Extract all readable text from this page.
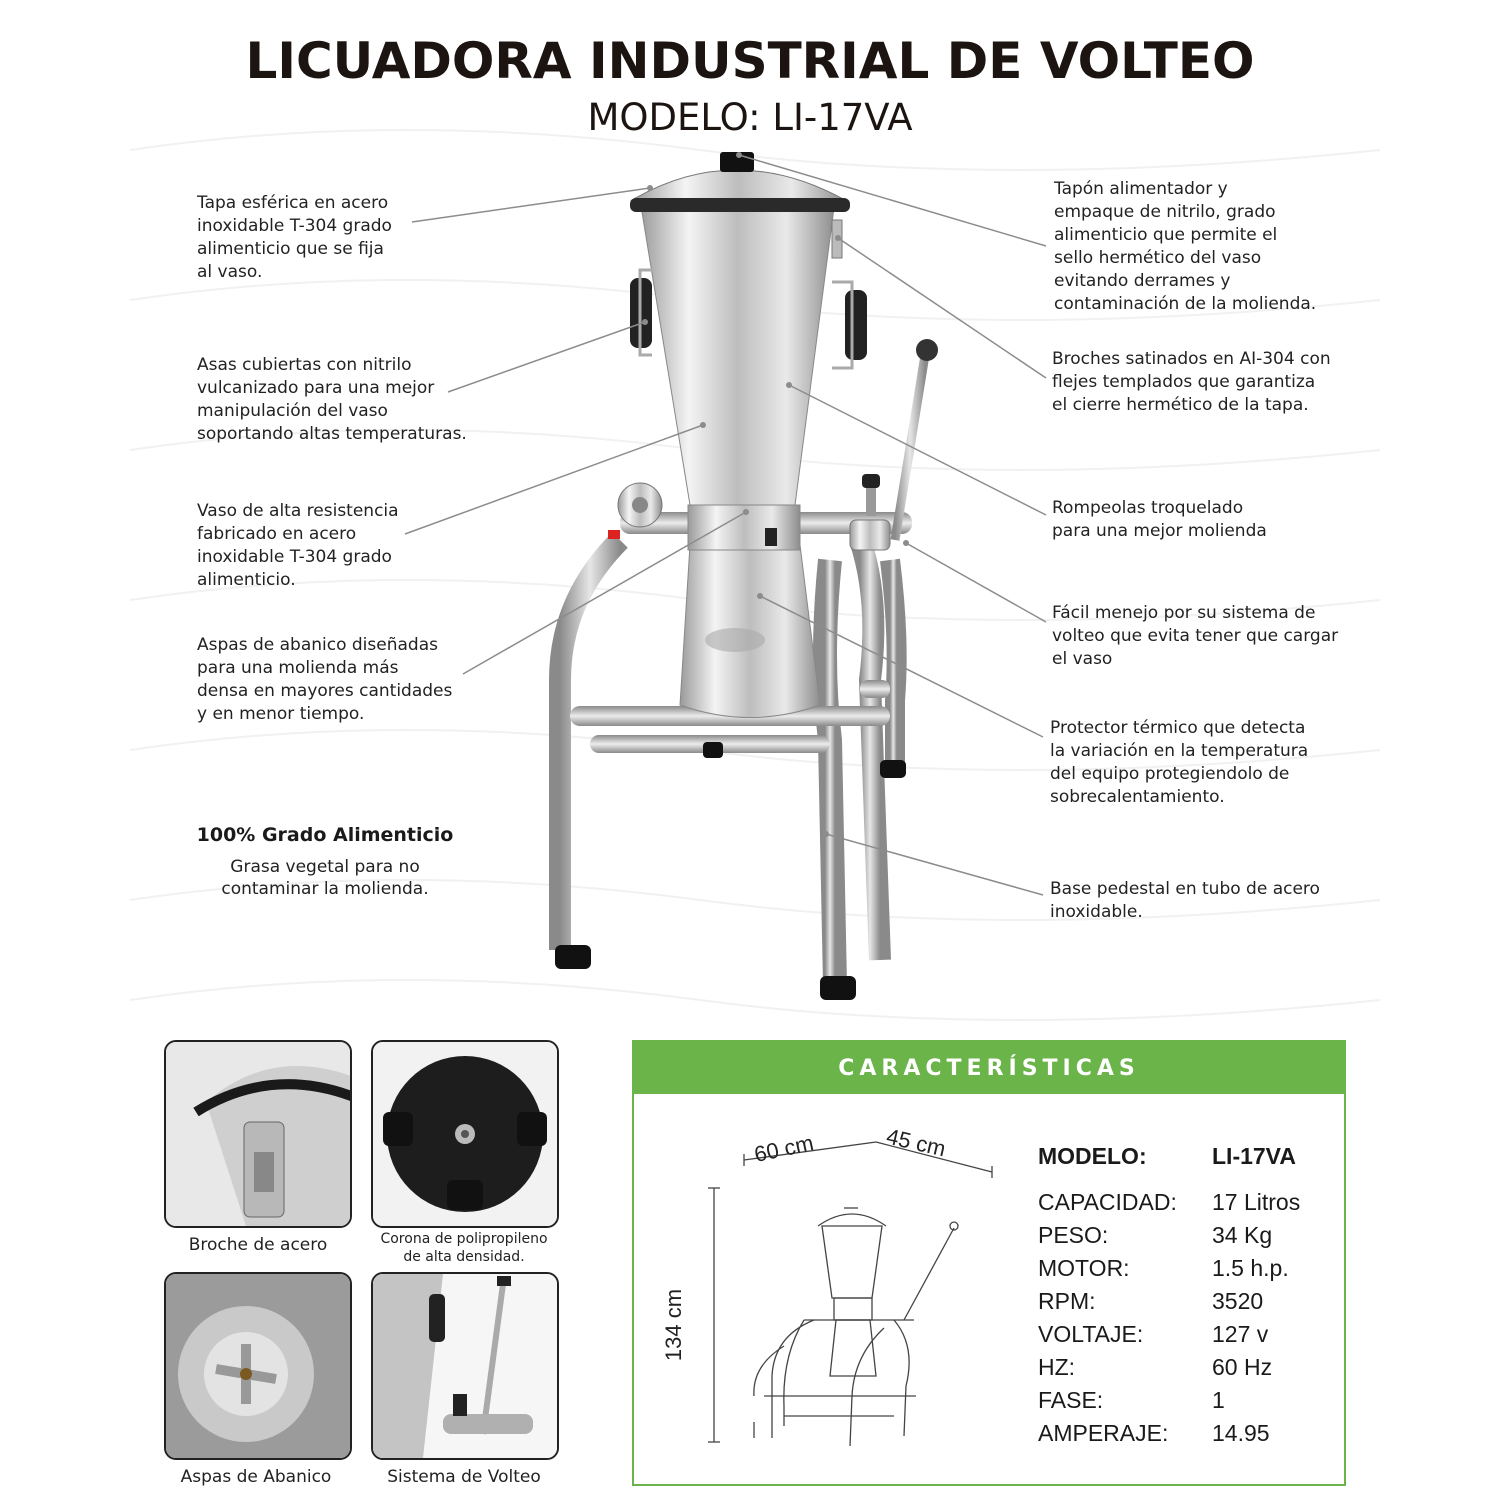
LICUADORA INDUSTRIAL DE VOLTEO
MODELO: LI-17VA
Tapa esférica en acero
inoxidable T-304 grado
alimenticio que se fija
al vaso.
Asas cubiertas con nitrilo
vulcanizado para una mejor
manipulación del vaso
soportando altas temperaturas.
Vaso de alta resistencia
fabricado en acero
inoxidable T-304 grado
alimenticio.
Aspas de abanico diseñadas
para una molienda más
densa en mayores cantidades
y en menor tiempo.
Tapón alimentador y
empaque de nitrilo, grado
alimenticio que permite el
sello hermético del vaso
evitando derrames y
contaminación de la molienda.
Broches satinados en AI-304 con
flejes templados que garantiza
el cierre hermético de la tapa.
Rompeolas troquelado
para una mejor molienda
Fácil menejo por su sistema de
volteo que evita tener que cargar
el vaso
Protector térmico que detecta
la variación en la temperatura
del equipo protegiendolo de
sobrecalentamiento.
Base pedestal en tubo de acero
inoxidable.
100% Grado Alimenticio
Grasa vegetal para no
contaminar la molienda.
Broche de acero	Corona de polipropileno
de alta densidad.
Aspas de Abanico	Sistema de Volteo
CARACTERÍSTICAS
60 cm	45 cm
134 cm
MODELO:	LI-17VA

CAPACIDAD:	17 Litros
PESO:	34 Kg
MOTOR:	1.5 h.p.
RPM:	3520
VOLTAJE:	127 v
HZ:	60 Hz
FASE:	1
AMPERAJE:	14.95
